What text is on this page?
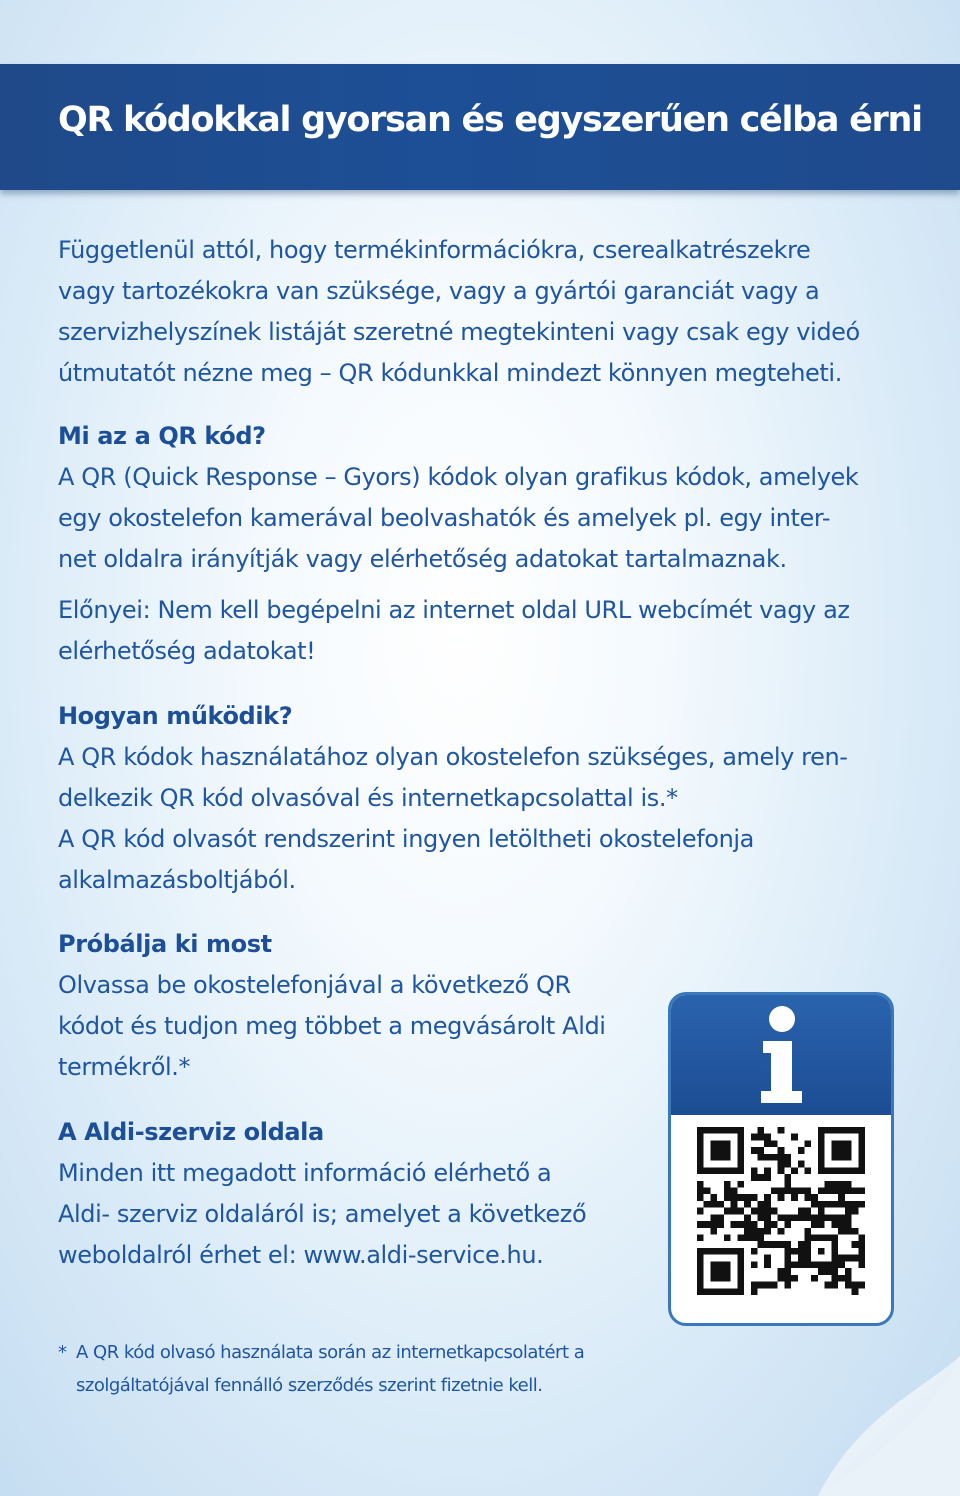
QR kódokkal gyorsan és egyszerűen célba érni
Függetlenül attól, hogy termékinformációkra, cserealkatrészekre
vagy tartozékokra van szüksége, vagy a gyártói garanciát vagy a
szervizhelyszínek listáját szeretné megtekinteni vagy csak egy videó
útmutatót nézne meg – QR kódunkkal mindezt könnyen megteheti.
Mi az a QR kód?
A QR (Quick Response – Gyors) kódok olyan grafikus kódok, amelyek
egy okostelefon kamerával beolvashatók és amelyek pl. egy inter-
net oldalra irányítják vagy elérhetőség adatokat tartalmaznak.
Előnyei: Nem kell begépelni az internet oldal URL webcímét vagy az
elérhetőség adatokat!
Hogyan működik?
A QR kódok használatához olyan okostelefon szükséges, amely ren-
delkezik QR kód olvasóval és internetkapcsolattal is.*
A QR kód olvasót rendszerint ingyen letöltheti okostelefonja
alkalmazásboltjából.
Próbálja ki most
Olvassa be okostelefonjával a következő QR
kódot és tudjon meg többet a megvásárolt Aldi
termékről.*
A Aldi-szerviz oldala
Minden itt megadott információ elérhető a
Aldi- szerviz oldaláról is; amelyet a következő
weboldalról érhet el: www.aldi-service.hu.
* A QR kód olvasó használata során az internetkapcsolatért a
szolgáltatójával fennálló szerződés szerint fizetnie kell.
